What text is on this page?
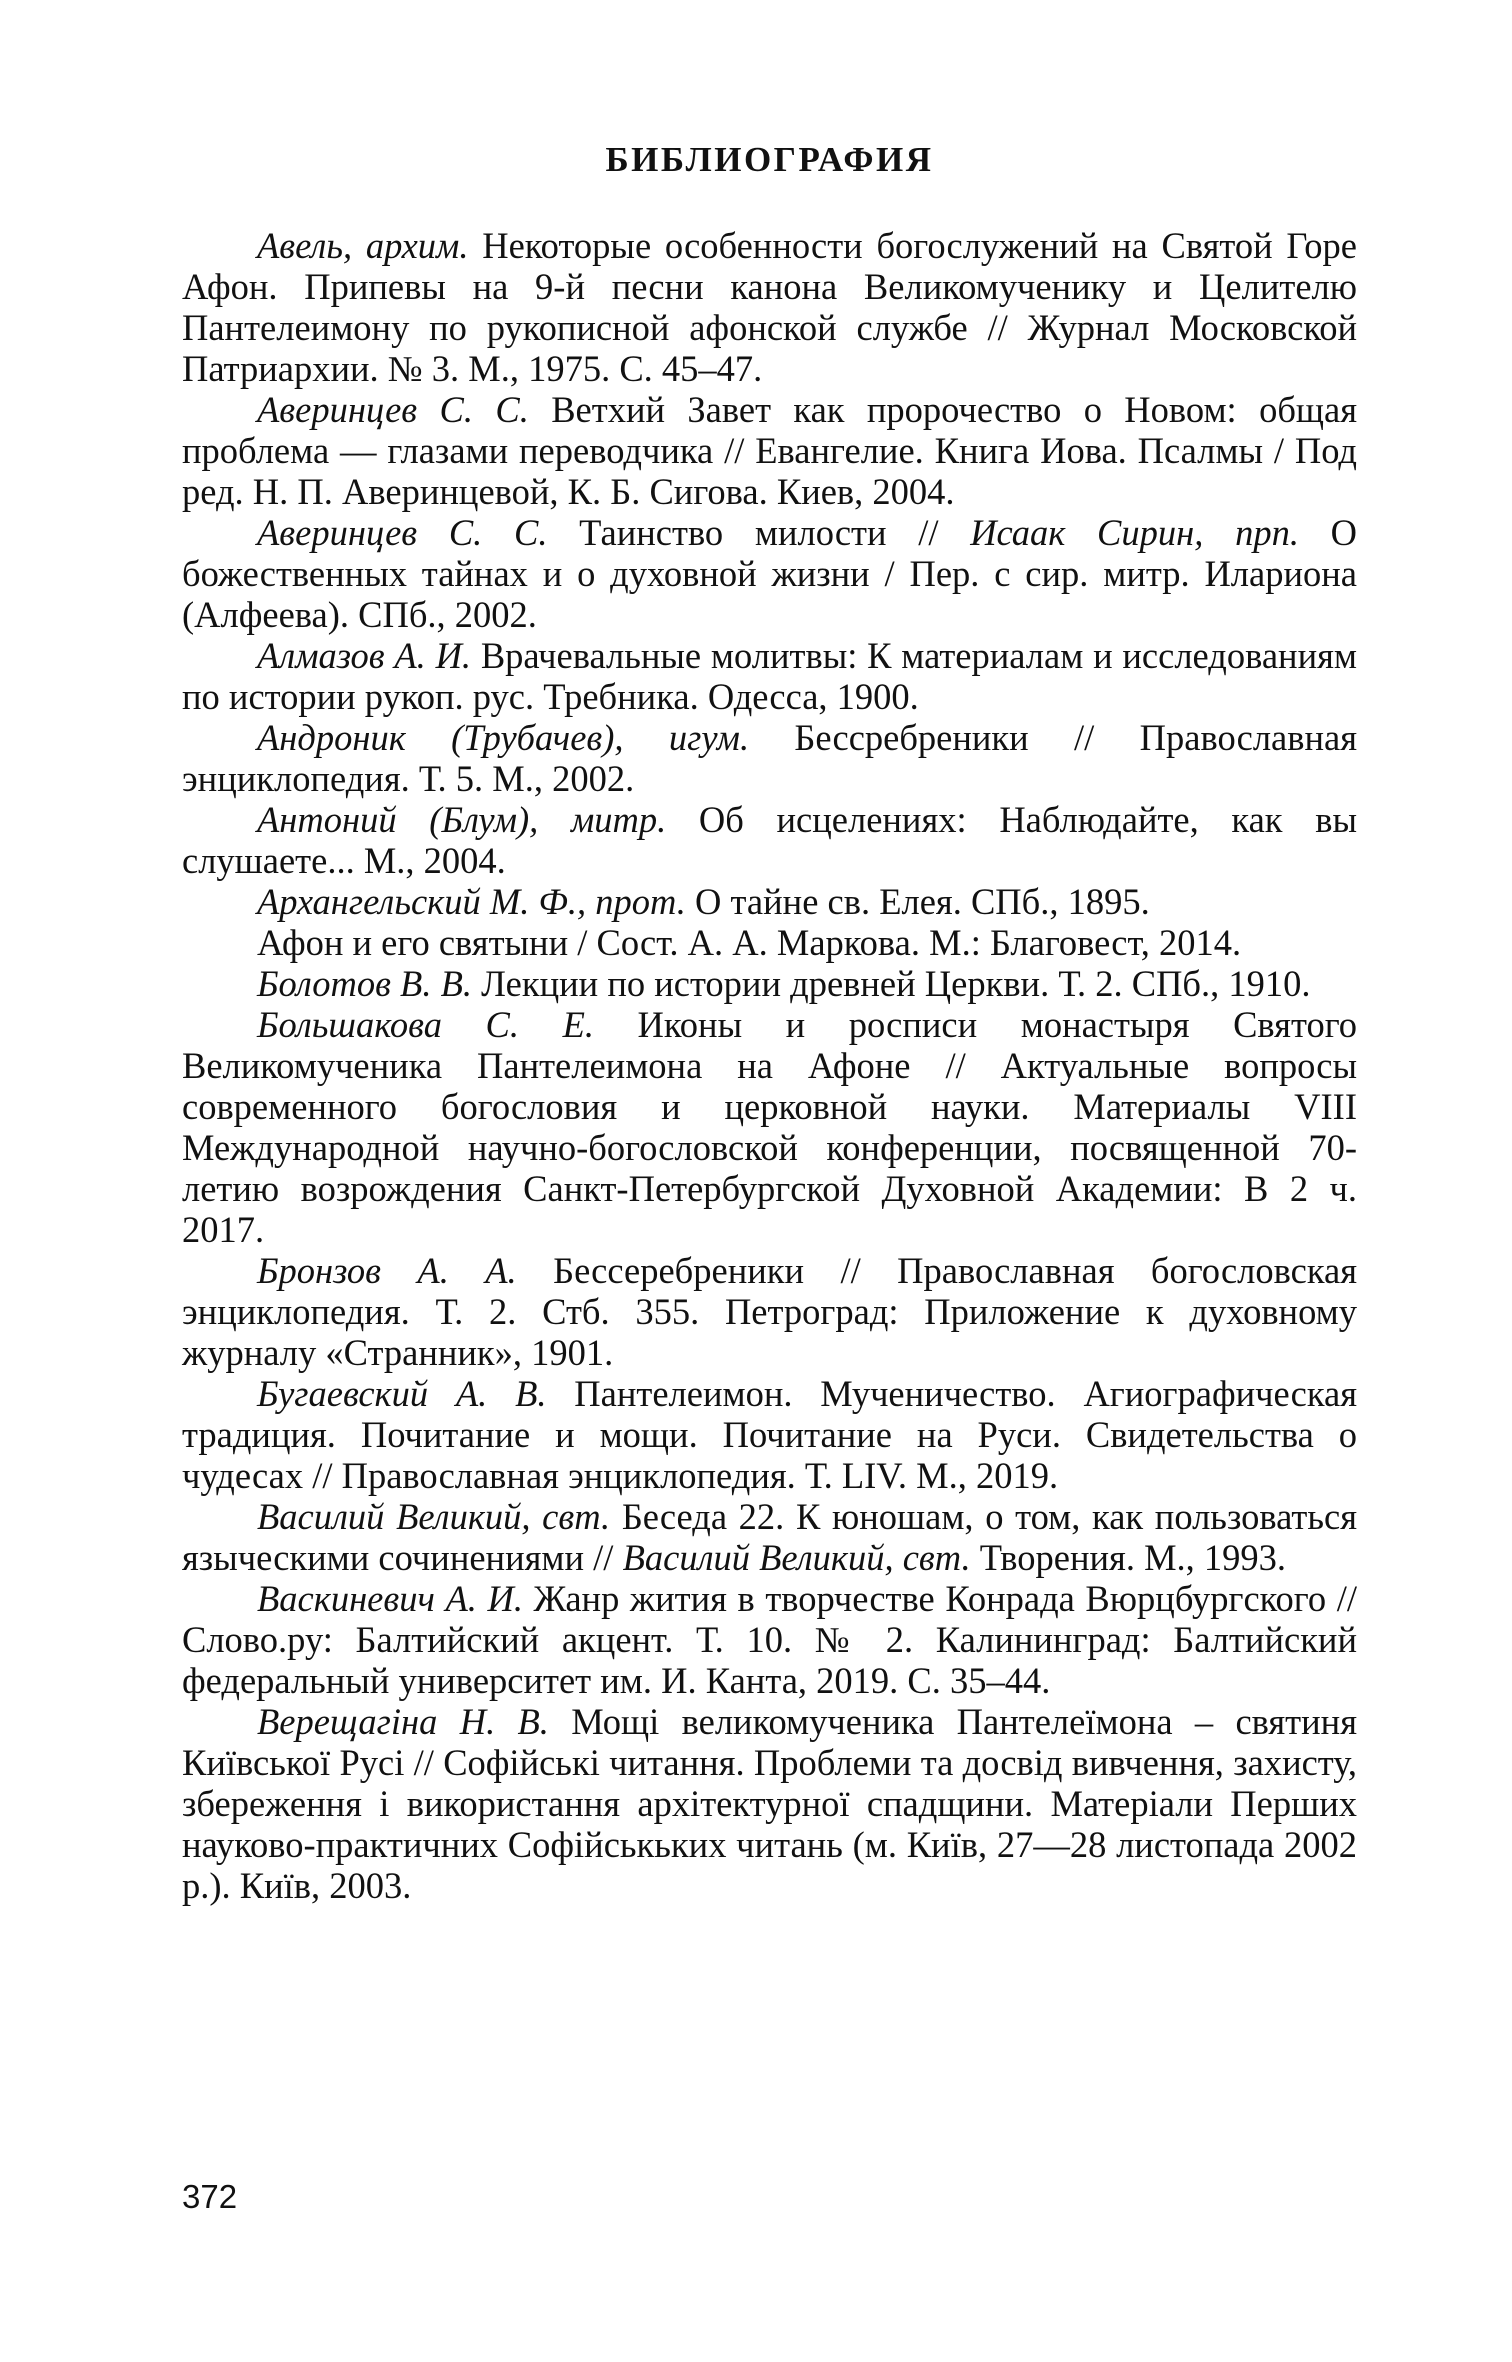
БИБЛИОГРАФИЯ

Авель, архим. Некоторые особенности богослужений на Святой Горе Афон. Припевы на 9-й песни канона Великомученику и Целителю Пантелеимону по рукописной афонской службе // Журнал Московской Патриархии. № 3. М., 1975. С. 45–47.

Аверинцев С. С. Ветхий Завет как пророчество о Новом: общая проблема — глазами переводчика // Евангелие. Книга Иова. Псалмы / Под ред. Н. П. Аверинцевой, К. Б. Сигова. Киев, 2004.

Аверинцев С. С. Таинство милости // Исаак Сирин, прп. О божественных тайнах и о духовной жизни / Пер. с сир. митр. Илариона (Алфеева). СПб., 2002.

Алмазов А. И. Врачевальные молитвы: К материалам и исследованиям по истории рукоп. рус. Требника. Одесса, 1900.

Андроник (Трубачев), игум. Бессребреники // Православная энциклопедия. Т. 5. М., 2002.

Антоний (Блум), митр. Об исцелениях: Наблюдайте, как вы слушаете... М., 2004.

Архангельский М. Ф., прот. О тайне св. Елея. СПб., 1895.

Афон и его святыни / Сост. А. А. Маркова. М.: Благовест, 2014.

Болотов В. В. Лекции по истории древней Церкви. Т. 2. СПб., 1910.

Большакова С. Е. Иконы и росписи монастыря Святого Великомученика Пантелеимона на Афоне // Актуальные вопросы современного богословия и церковной науки. Материалы VIII Международной научно-богословской конференции, посвященной 70-летию возрождения Санкт-Петербургской Духовной Академии: В 2 ч. 2017.

Бронзов А. А. Бессеребреники // Православная богословская энциклопедия. Т. 2. Стб. 355. Петроград: Приложение к духовному журналу «Странник», 1901.

Бугаевский А. В. Пантелеимон. Мученичество. Агиографическая традиция. Почитание и мощи. Почитание на Руси. Свидетельства о чудесах // Православная энциклопедия. Т. LIV. М., 2019.

Василий Великий, свт. Беседа 22. К юношам, о том, как пользоваться языческими сочинениями // Василий Великий, свт. Творения. М., 1993.

Васкиневич А. И. Жанр жития в творчестве Конрада Вюрцбургского // Слово.ру: Балтийский акцент. Т. 10. № 2. Калининград: Балтийский федеральный университет им. И. Канта, 2019. С. 35–44.

Верещагіна Н. В. Мощі великомученика Пантелеїмона – святиня Київської Русі // Софійські читання. Проблеми та досвід вивчення, захисту, збереження і використання архітектурної спадщини. Матеріали Перших науково-практичних Софійськьких читань (м. Київ, 27—28 листопада 2002 р.). Київ, 2003.

372
